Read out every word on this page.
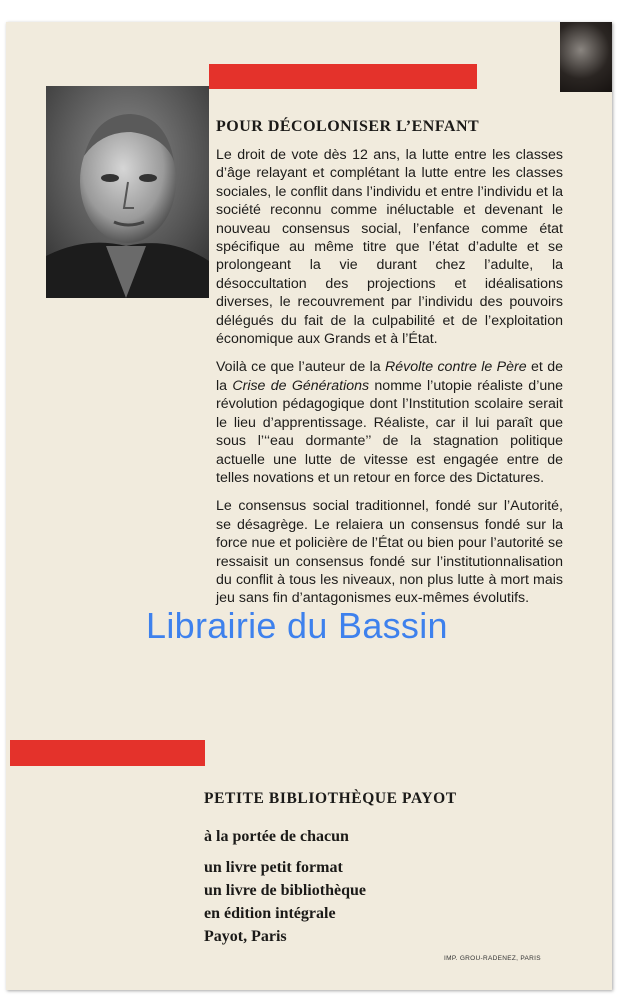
POUR DÉCOLONISER L’ENFANT

Le droit de vote dès 12 ans, la lutte entre les classes d’âge relayant et complétant la lutte entre les classes sociales, le conflit dans l’individu et entre l’individu et la société reconnu comme inéluctable et devenant le nouveau consensus social, l’enfance comme état spécifique au même titre que l’état d’adulte et se prolongeant la vie durant chez l’adulte, la désoccultation des projections et idéalisations diverses, le recouvrement par l’individu des pouvoirs délégués du fait de la culpabilité et de l’exploitation économique aux Grands et à l’État.

Voilà ce que l’auteur de la Révolte contre le Père et de la Crise de Générations nomme l’utopie réaliste d’une révolution pédagogique dont l’Institution scolaire serait le lieu d’apprentissage. Réaliste, car il lui paraît que sous l’‘‘eau dormante’’ de la stagnation politique actuelle une lutte de vitesse est engagée entre de telles novations et un retour en force des Dictatures.

Le consensus social traditionnel, fondé sur l’Autorité, se désagrège. Le relaiera un consensus fondé sur la force nue et policière de l’État ou bien pour l’autorité se ressaisit un consensus fondé sur l’institutionnalisation du conflit à tous les niveaux, non plus lutte à mort mais jeu sans fin d’antagonismes eux-mêmes évolutifs.

PETITE BIBLIOTHÈQUE PAYOT
à la portée de chacun
un livre petit format
un livre de bibliothèque
en édition intégrale
Payot, Paris
IMP. GROU-RADENEZ, PARIS
Librairie du Bassin
